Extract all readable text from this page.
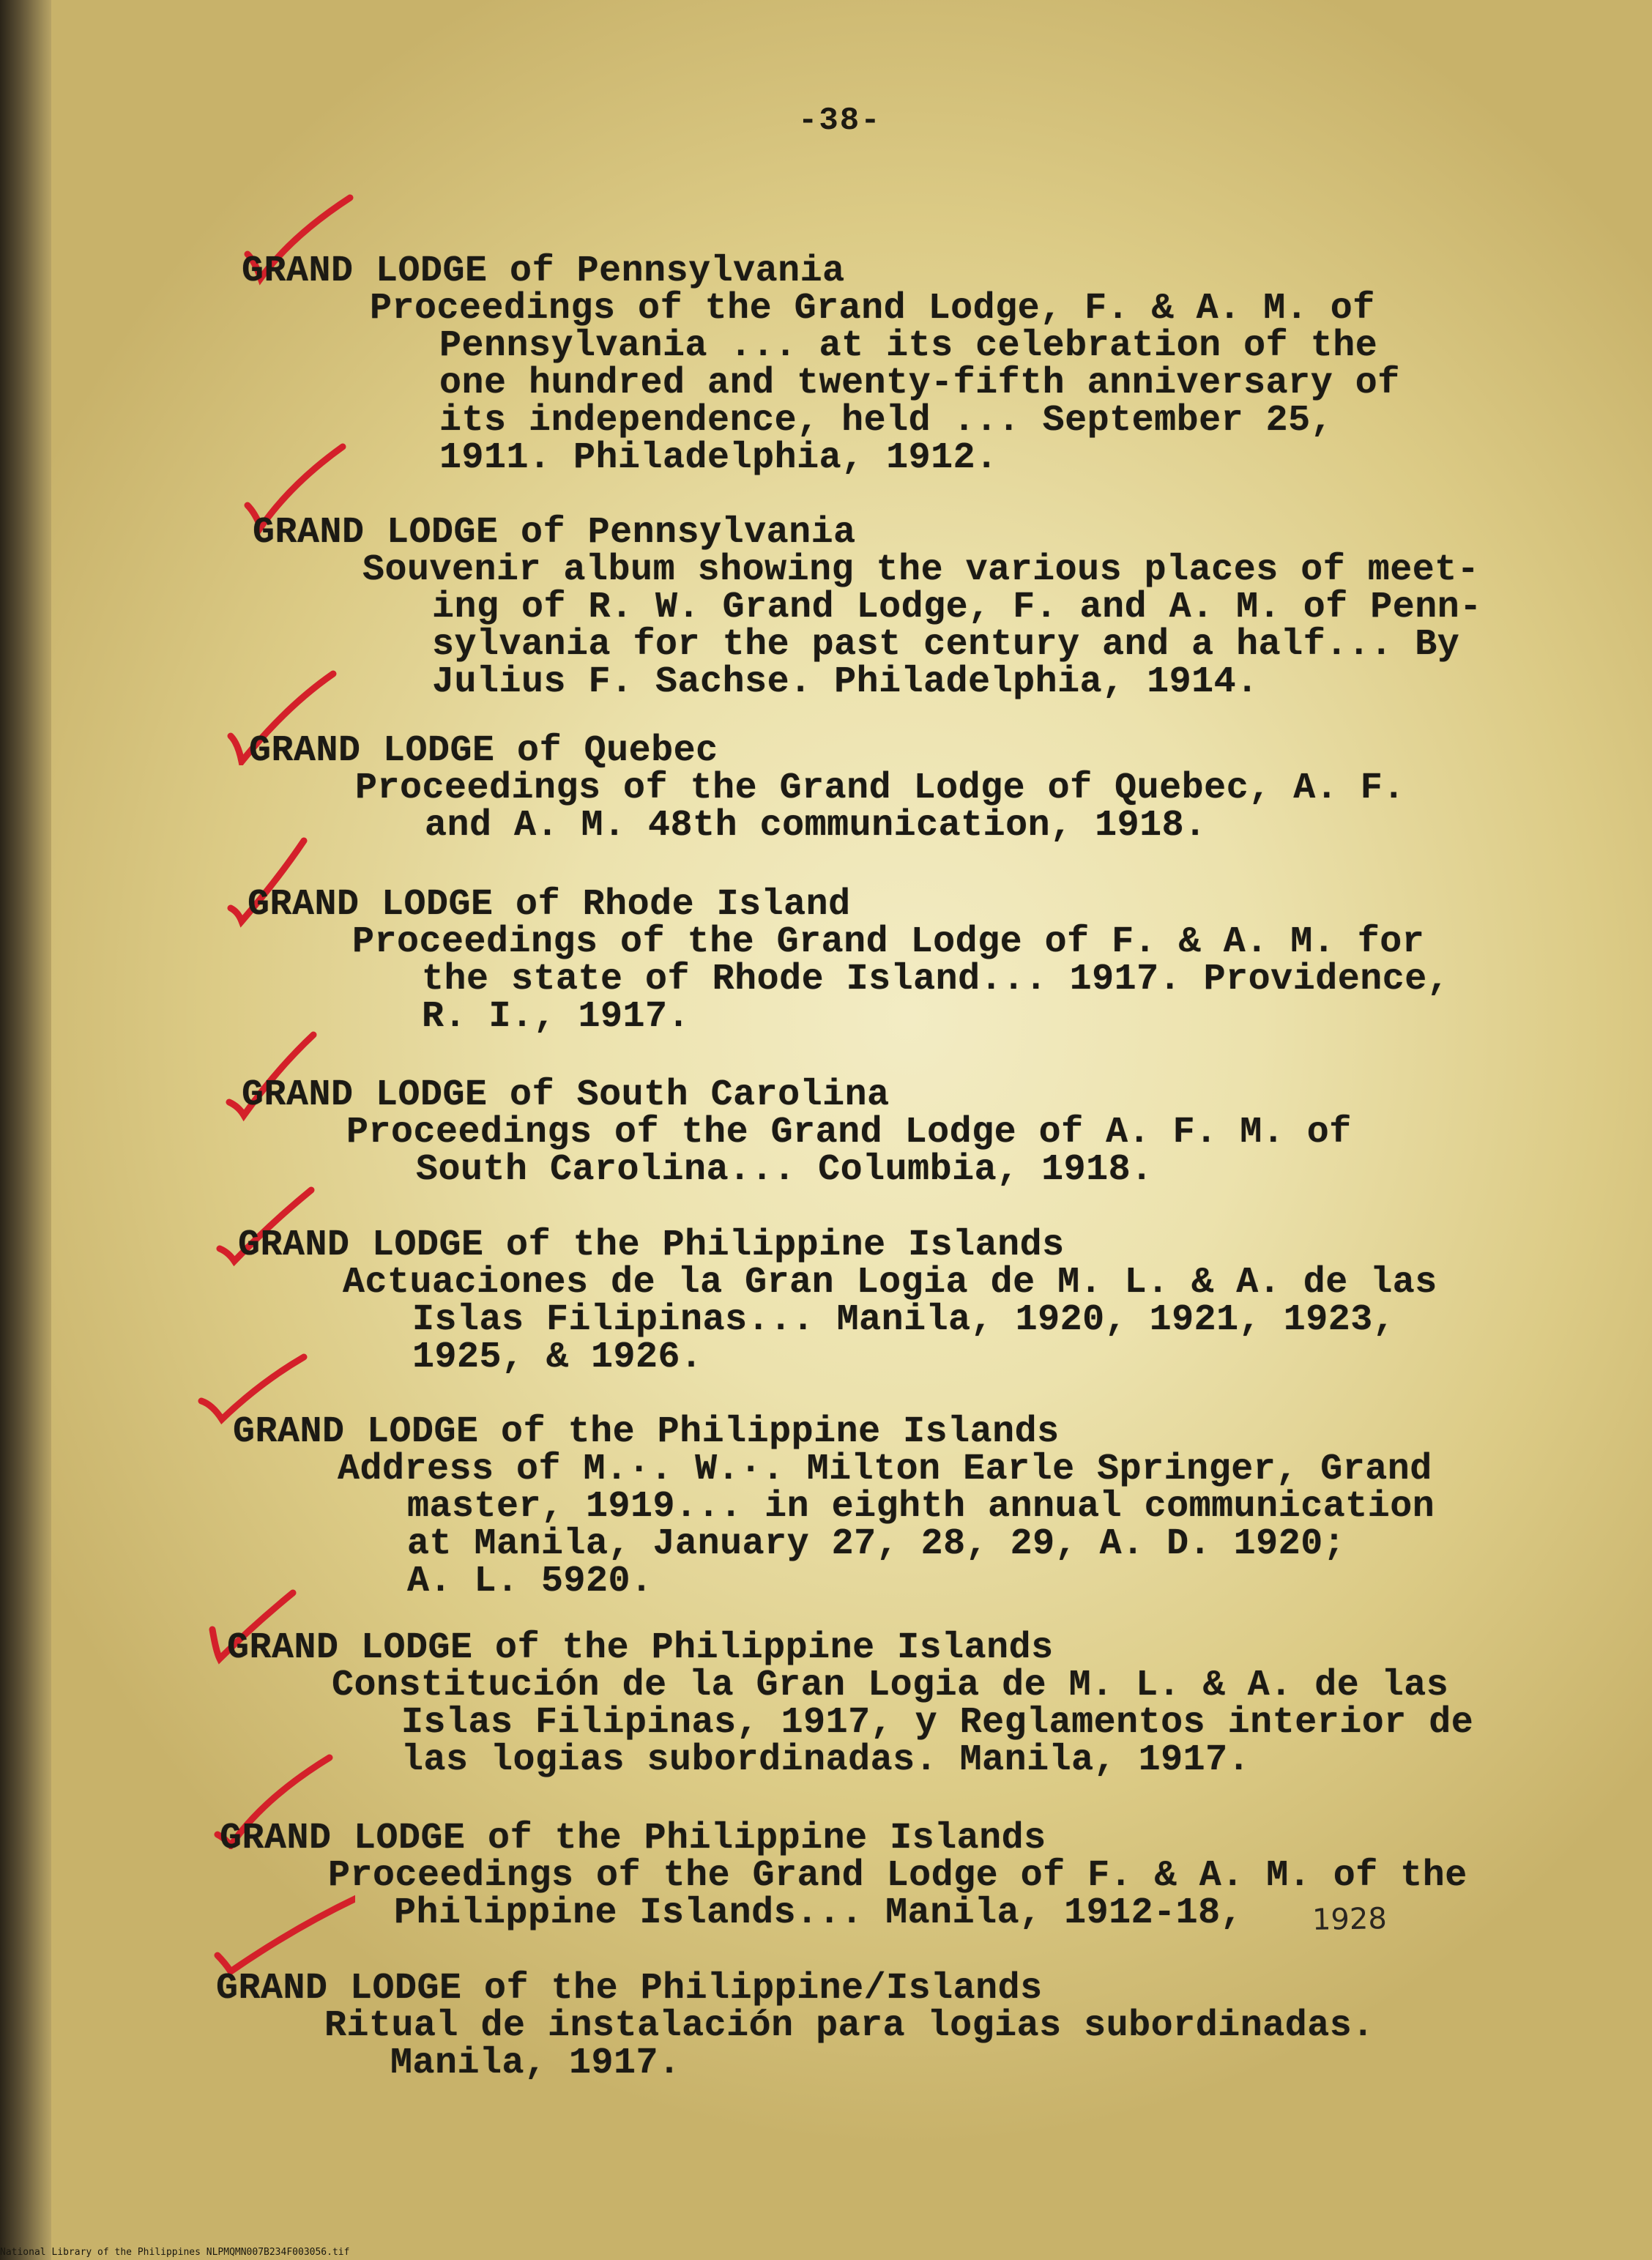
-38-
GRAND LODGE of Pennsylvania
Proceedings of the Grand Lodge, F. & A. M. of
Pennsylvania ... at its celebration of the
one hundred and twenty-fifth anniversary of
its independence, held ... September 25,
1911. Philadelphia, 1912.
GRAND LODGE of Pennsylvania
Souvenir album showing the various places of meet-
ing of R. W. Grand Lodge, F. and A. M. of Penn-
sylvania for the past century and a half... By
Julius F. Sachse. Philadelphia, 1914.
GRAND LODGE of Quebec
Proceedings of the Grand Lodge of Quebec, A. F.
and A. M. 48th communication, 1918.
GRAND LODGE of Rhode Island
Proceedings of the Grand Lodge of F. & A. M. for
the state of Rhode Island... 1917. Providence,
R. I., 1917.
GRAND LODGE of South Carolina
Proceedings of the Grand Lodge of A. F. M. of
South Carolina... Columbia, 1918.
GRAND LODGE of the Philippine Islands
Actuaciones de la Gran Logia de M. L. & A. de las
Islas Filipinas... Manila, 1920, 1921, 1923,
1925, & 1926.
GRAND LODGE of the Philippine Islands
Address of M.·. W.·. Milton Earle Springer, Grand
master, 1919... in eighth annual communication
at Manila, January 27, 28, 29, A. D. 1920;
A. L. 5920.
GRAND LODGE of the Philippine Islands
Constitución de la Gran Logia de M. L. & A. de las
Islas Filipinas, 1917, y Reglamentos interior de
las logias subordinadas. Manila, 1917.
GRAND LODGE of the Philippine Islands
Proceedings of the Grand Lodge of F. & A. M. of the
Philippine Islands... Manila, 1912-18,
GRAND LODGE of the Philippine/Islands
Ritual de instalación para logias subordinadas.
Manila, 1917.
1928
National Library of the Philippines NLPMQMN007B234F003056.tif
